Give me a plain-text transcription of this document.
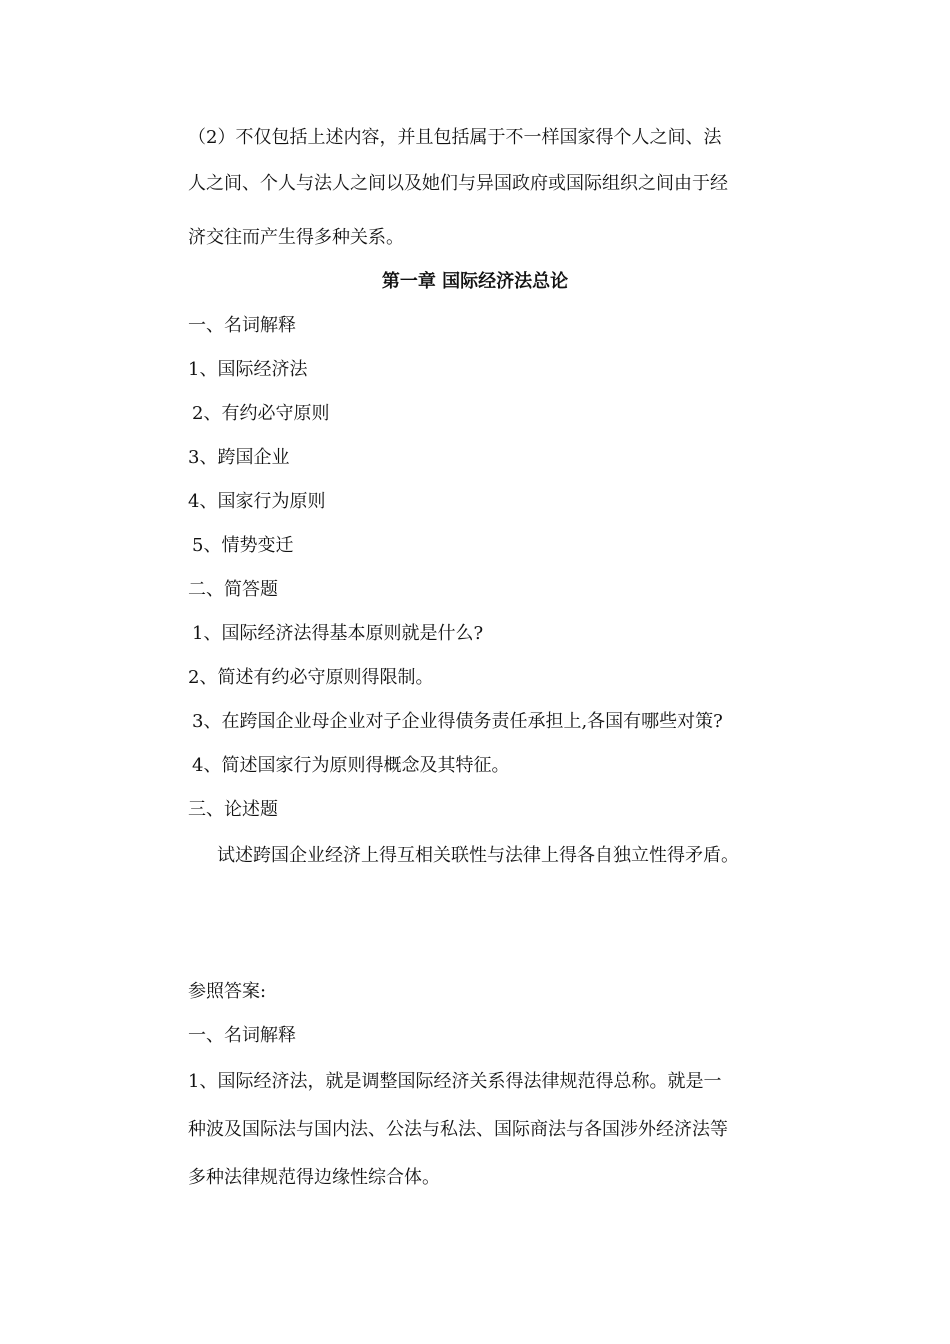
（2）不仅包括上述内容，并且包括属于不一样国家得个人之间、法
人之间、个人与法人之间以及她们与异国政府或国际组织之间由于经
济交往而产生得多种关系。
第一章 国际经济法总论
一、名词解释
1、国际经济法
2、有约必守原则
3、跨国企业
4、国家行为原则
5、情势变迁
二、简答题
1、国际经济法得基本原则就是什么?
2、简述有约必守原则得限制。
3、在跨国企业母企业对子企业得债务责任承担上,各国有哪些对策?
4、简述国家行为原则得概念及其特征。
三、论述题
试述跨国企业经济上得互相关联性与法律上得各自独立性得矛盾。
参照答案:
一、名词解释
1、国际经济法，就是调整国际经济关系得法律规范得总称。就是一
种波及国际法与国内法、公法与私法、国际商法与各国涉外经济法等
多种法律规范得边缘性综合体。
